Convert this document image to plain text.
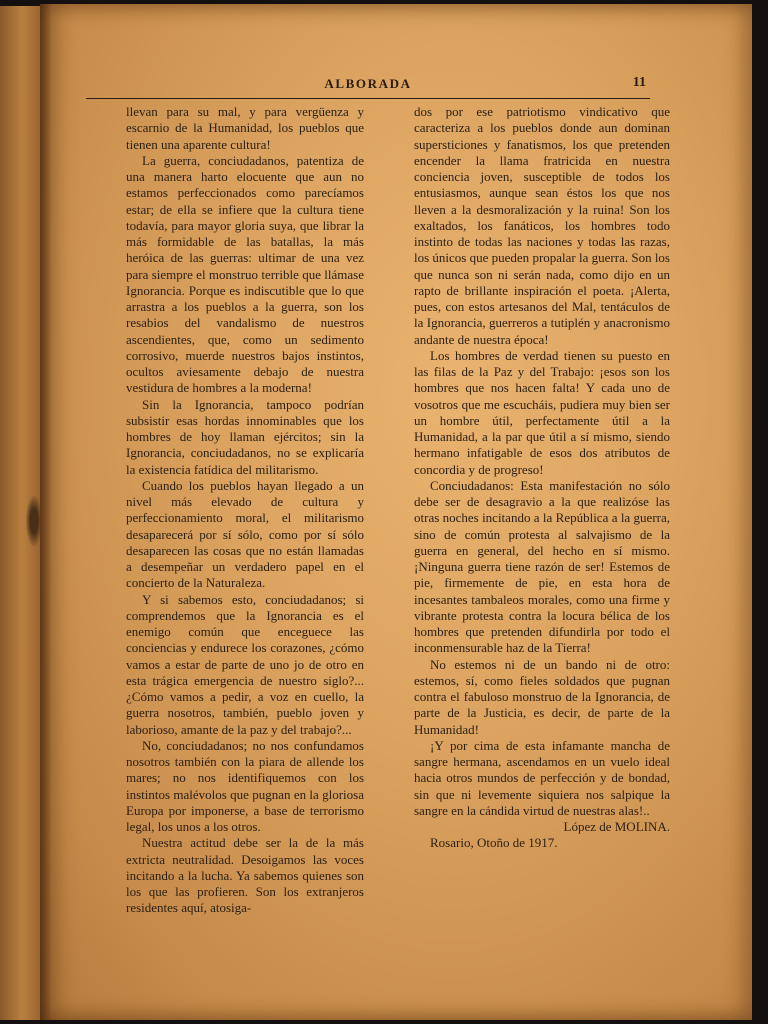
ALBORADA	11

llevan para su mal, y para vergüenza y escarnio de la Humanidad, los pueblos que tienen una aparente cultura!

La guerra, conciudadanos, patentiza de una manera harto elocuente que aun no estamos perfeccionados como parecíamos estar; de ella se infiere que la cultura tiene todavía, para mayor gloria suya, que librar la más formidable de las batallas, la más heróica de las guerras: ultimar de una vez para siempre el monstruo terrible que llámase Ignorancia. Porque es indiscutible que lo que arrastra a los pueblos a la guerra, son los resabios del vandalismo de nuestros ascendientes, que, como un sedimento corrosivo, muerde nuestros bajos instintos, ocultos aviesamente debajo de nuestra vestidura de hombres a la moderna!

Sin la Ignorancia, tampoco podrían subsistir esas hordas innominables que los hombres de hoy llaman ejércitos; sin la Ignorancia, conciudadanos, no se explicaría la existencia fatídica del militarismo.

Cuando los pueblos hayan llegado a un nivel más elevado de cultura y perfeccionamiento moral, el militarismo desaparecerá por sí sólo, como por sí sólo desaparecen las cosas que no están llamadas a desempeñar un verdadero papel en el concierto de la Naturaleza.

Y si sabemos esto, conciudadanos; si comprendemos que la Ignorancia es el enemigo común que enceguece las conciencias y endurece los corazones, ¿cómo vamos a estar de parte de uno jo de otro en esta trágica emergencia de nuestro siglo?... ¿Cómo vamos a pedir, a voz en cuello, la guerra nosotros, también, pueblo joven y laborioso, amante de la paz y del trabajo?...

No, conciudadanos; no nos confundamos nosotros también con la piara de allende los mares; no nos identifiquemos con los instintos malévolos que pugnan en la gloriosa Europa por imponerse, a base de terrorismo legal, los unos a los otros.

Nuestra actitud debe ser la de la más extricta neutralidad. Desoigamos las voces incitando a la lucha. Ya sabemos quienes son los que las profieren. Son los extranjeros residentes aquí, atosiga-

dos por ese patriotismo vindicativo que caracteriza a los pueblos donde aun dominan supersticiones y fanatismos, los que pretenden encender la llama fratricida en nuestra conciencia joven, susceptible de todos los entusiasmos, aunque sean éstos los que nos lleven a la desmoralización y la ruina! Son los exaltados, los fanáticos, los hombres todo instinto de todas las naciones y todas las razas, los únicos que pueden propalar la guerra. Son los que nunca son ni serán nada, como dijo en un rapto de brillante inspiración el poeta. ¡Alerta, pues, con estos artesanos del Mal, tentáculos de la Ignorancia, guerreros a tutiplén y anacronismo andante de nuestra época!

Los hombres de verdad tienen su puesto en las filas de la Paz y del Trabajo: ¡esos son los hombres que nos hacen falta! Y cada uno de vosotros que me escucháis, pudiera muy bien ser un hombre útil, perfectamente útil a la Humanidad, a la par que útil a sí mismo, siendo hermano infatigable de esos dos atributos de concordia y de progreso!

Conciudadanos: Esta manifestación no sólo debe ser de desagravio a la que realizóse las otras noches incitando a la República a la guerra, sino de común protesta al salvajismo de la guerra en general, del hecho en sí mismo. ¡Ninguna guerra tiene razón de ser! Estemos de pie, firmemente de pie, en esta hora de incesantes tambaleos morales, como una firme y vibrante protesta contra la locura bélica de los hombres que pretenden difundirla por todo el inconmensurable haz de la Tierra!

No estemos ni de un bando ni de otro: estemos, sí, como fieles soldados que pugnan contra el fabuloso monstruo de la Ignorancia, de parte de la Justicia, es decir, de parte de la Humanidad!

¡Y por cima de esta infamante mancha de sangre hermana, ascendamos en un vuelo ideal hacia otros mundos de perfección y de bondad, sin que ni levemente siquiera nos salpique la sangre en la cándida virtud de nuestras alas!..

López de MOLINA.

Rosario, Otoño de 1917.
